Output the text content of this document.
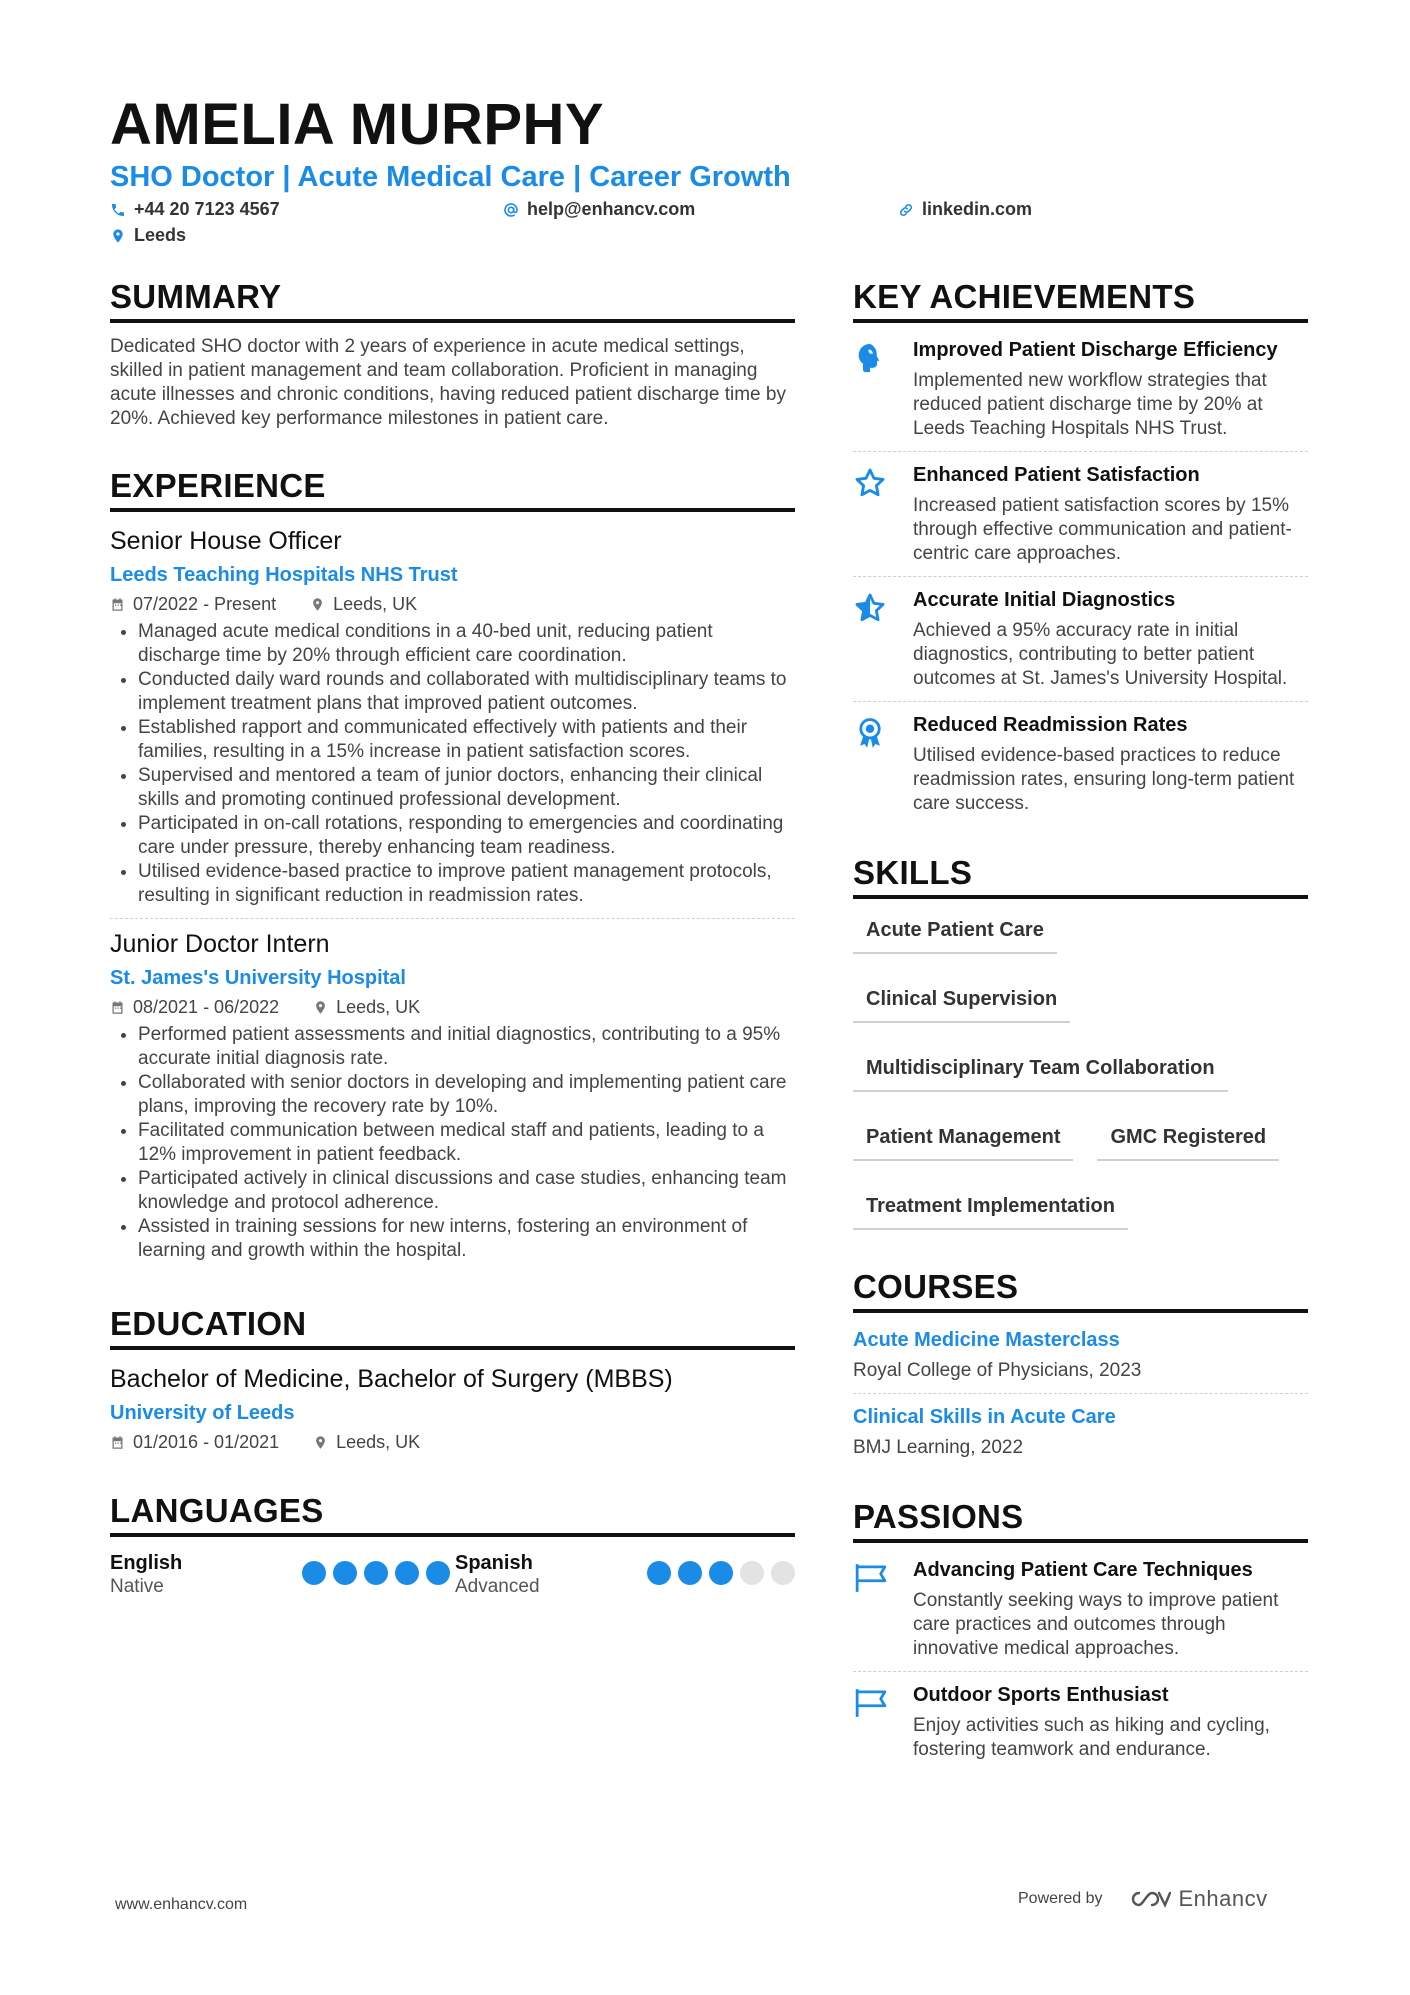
AMELIA MURPHY
SHO Doctor | Acute Medical Care | Career Growth
+44 20 7123 4567	help@enhancv.com	linkedin.com
Leeds
SUMMARY
Dedicated SHO doctor with 2 years of experience in acute medical settings, skilled in patient management and team collaboration. Proficient in managing acute illnesses and chronic conditions, having reduced patient discharge time by 20%. Achieved key performance milestones in patient care.
EXPERIENCE
Senior House Officer
Leeds Teaching Hospitals NHS Trust
07/2022 - Present	Leeds, UK
• Managed acute medical conditions in a 40-bed unit, reducing patient discharge time by 20% through efficient care coordination.
• Conducted daily ward rounds and collaborated with multidisciplinary teams to implement treatment plans that improved patient outcomes.
• Established rapport and communicated effectively with patients and their families, resulting in a 15% increase in patient satisfaction scores.
• Supervised and mentored a team of junior doctors, enhancing their clinical skills and promoting continued professional development.
• Participated in on-call rotations, responding to emergencies and coordinating care under pressure, thereby enhancing team readiness.
• Utilised evidence-based practice to improve patient management protocols, resulting in significant reduction in readmission rates.
Junior Doctor Intern
St. James's University Hospital
08/2021 - 06/2022	Leeds, UK
• Performed patient assessments and initial diagnostics, contributing to a 95% accurate initial diagnosis rate.
• Collaborated with senior doctors in developing and implementing patient care plans, improving the recovery rate by 10%.
• Facilitated communication between medical staff and patients, leading to a 12% improvement in patient feedback.
• Participated actively in clinical discussions and case studies, enhancing team knowledge and protocol adherence.
• Assisted in training sessions for new interns, fostering an environment of learning and growth within the hospital.
EDUCATION
Bachelor of Medicine, Bachelor of Surgery (MBBS)
University of Leeds
01/2016 - 01/2021	Leeds, UK
LANGUAGES
English
Native
Spanish
Advanced
KEY ACHIEVEMENTS
Improved Patient Discharge Efficiency
Implemented new workflow strategies that reduced patient discharge time by 20% at Leeds Teaching Hospitals NHS Trust.
Enhanced Patient Satisfaction
Increased patient satisfaction scores by 15% through effective communication and patient-centric care approaches.
Accurate Initial Diagnostics
Achieved a 95% accuracy rate in initial diagnostics, contributing to better patient outcomes at St. James's University Hospital.
Reduced Readmission Rates
Utilised evidence-based practices to reduce readmission rates, ensuring long-term patient care success.
SKILLS
Acute Patient Care
Clinical Supervision
Multidisciplinary Team Collaboration
Patient Management	GMC Registered
Treatment Implementation
COURSES
Acute Medicine Masterclass
Royal College of Physicians, 2023
Clinical Skills in Acute Care
BMJ Learning, 2022
PASSIONS
Advancing Patient Care Techniques
Constantly seeking ways to improve patient care practices and outcomes through innovative medical approaches.
Outdoor Sports Enthusiast
Enjoy activities such as hiking and cycling, fostering teamwork and endurance.
www.enhancv.com	Powered by	Enhancv
